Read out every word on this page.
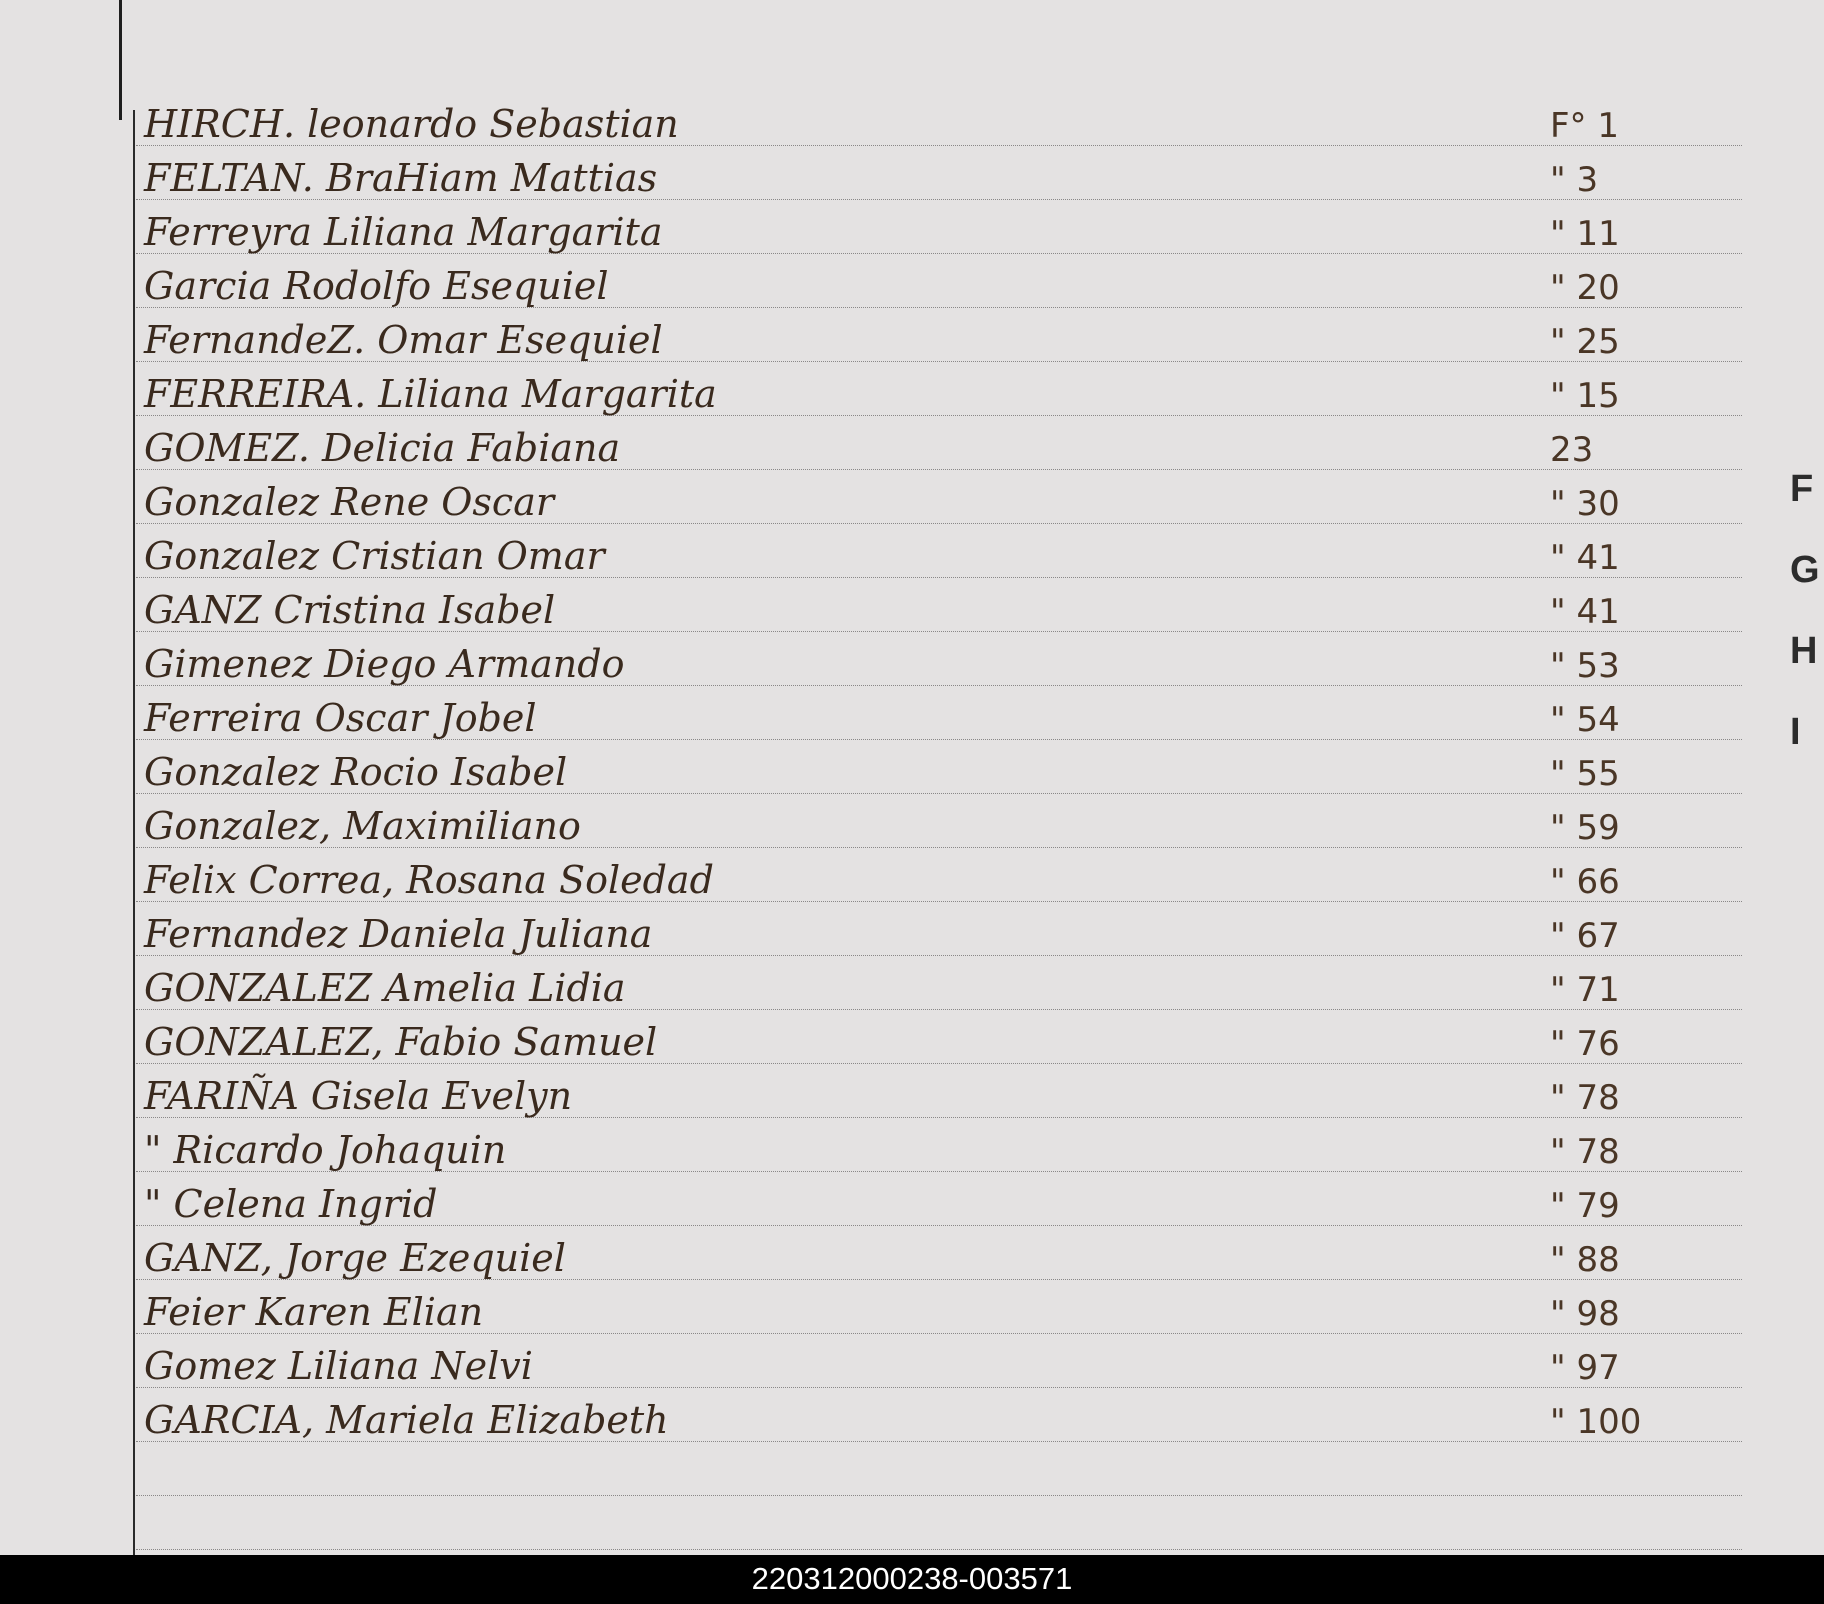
HIRCH. leonardo Sebastian	F° 1
FELTAN. BraHiam Mattias	" 3
Ferreyra Liliana Margarita	" 11
Garcia Rodolfo Esequiel	" 20
FernandeZ. Omar Esequiel	" 25
FERREIRA. Liliana Margarita	" 15
GOMEZ. Delicia Fabiana	23
Gonzalez Rene Oscar	" 30
Gonzalez Cristian Omar	" 41
GANZ Cristina Isabel	" 41
Gimenez Diego Armando	" 53
Ferreira Oscar Jobel	" 54
Gonzalez Rocio Isabel	" 55
Gonzalez, Maximiliano	" 59
Felix Correa, Rosana Soledad	" 66
Fernandez Daniela Juliana	" 67
GONZALEZ Amelia Lidia	" 71
GONZALEZ, Fabio Samuel	" 76
FARIÑA Gisela Evelyn	" 78
" Ricardo Johaquin	" 78
" Celena Ingrid	" 79
GANZ, Jorge Ezequiel	" 88
Feier Karen Elian	" 98
Gomez Liliana Nelvi	" 97
GARCIA, Mariela Elizabeth	" 100
F
G
H
I
220312000238-003571
